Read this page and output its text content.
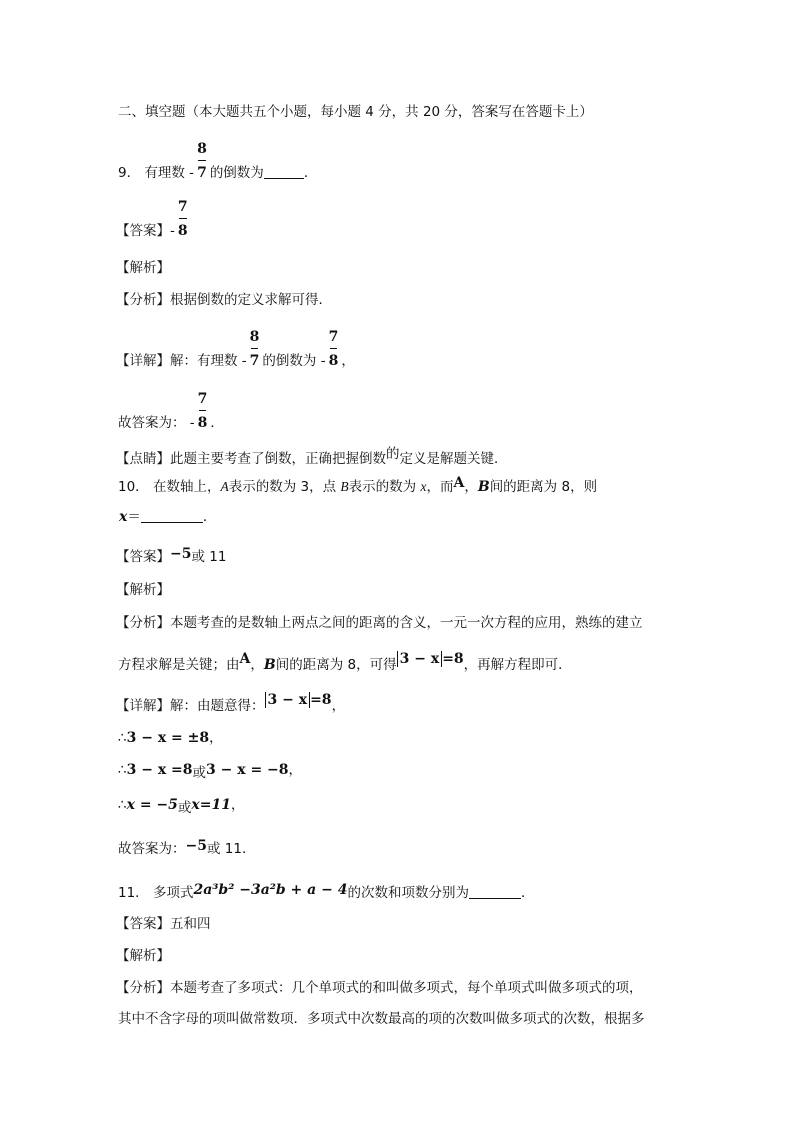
二、填空题（本大题共五个小题，每小题 4 分，共 20 分，答案写在答题卡上）
9． 有理数 - $\frac{8}{7}$ 的倒数为	．
【答案】- $\frac{7}{8}$
【解析】
【分析】根据倒数的定义求解可得．
【详解】解：有理数 - $\frac{8}{7}$ 的倒数为 - $\frac{7}{8}$ ，
故答案为： - $\frac{7}{8}$ ．
【点睛】此题主要考查了倒数，正确把握倒数的定义是解题关键．
10． 在数轴上，A表示的数为 3，点 B表示的数为 x，而A，B间的距离为 8，则
x＝	．
【答案】−5或 11
【解析】
【分析】本题考查的是数轴上两点之间的距离的含义，一元一次方程的应用，熟练的建立
方程求解是关键；由A，B间的距离为 8，可得 3 − x =8，再解方程即可．
【详解】解：由题意得： 3 − x =8，
∴3 − x = ±8，
∴3 − x =8或3 − x = −8，
∴x = −5或x=11，
故答案为：−5或 11．
11． 多项式2a³b² −3a²b + a − 4的次数和项数分别为	．
【答案】五和四
【解析】
【分析】本题考查了多项式：几个单项式的和叫做多项式，每个单项式叫做多项式的项，
其中不含字母的项叫做常数项．多项式中次数最高的项的次数叫做多项式的次数，根据多
